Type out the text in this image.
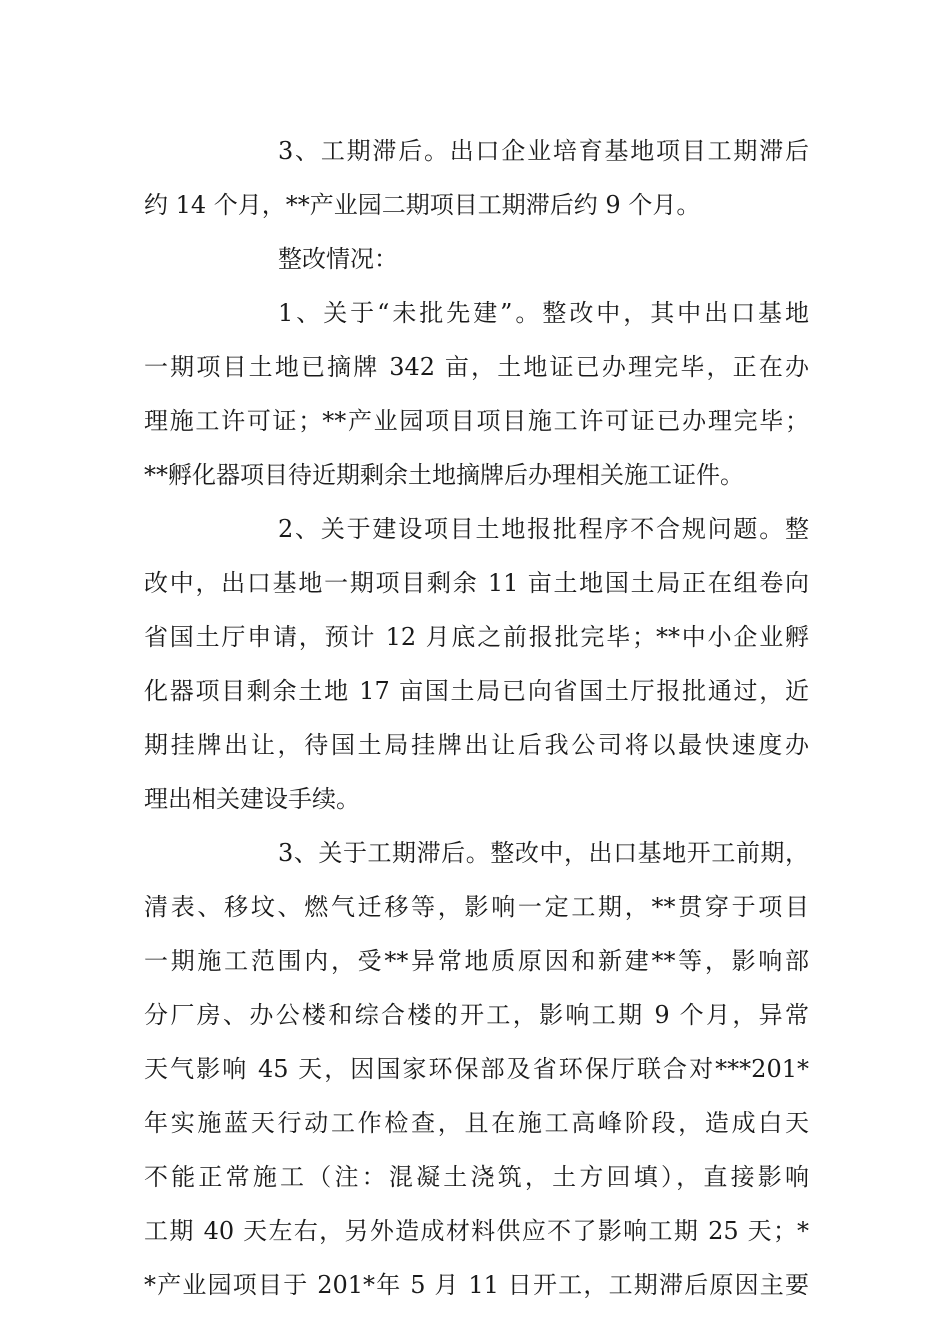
3、工期滞后。出口企业培育基地项目工期滞后
约 14 个月，**产业园二期项目工期滞后约 9 个月。
整改情况：
1、关于“未批先建”。整改中，其中出口基地
一期项目土地已摘牌 342 亩，土地证已办理完毕，正在办
理施工许可证；**产业园项目项目施工许可证已办理完毕；
**孵化器项目待近期剩余土地摘牌后办理相关施工证件。
2、关于建设项目土地报批程序不合规问题。整
改中，出口基地一期项目剩余 11 亩土地国土局正在组卷向
省国土厅申请，预计 12 月底之前报批完毕；**中小企业孵
化器项目剩余土地 17 亩国土局已向省国土厅报批通过，近
期挂牌出让，待国土局挂牌出让后我公司将以最快速度办
理出相关建设手续。
3、关于工期滞后。整改中，出口基地开工前期，
清表、移坟、燃气迁移等，影响一定工期，**贯穿于项目
一期施工范围内，受**异常地质原因和新建**等，影响部
分厂房、办公楼和综合楼的开工，影响工期 9 个月，异常
天气影响 45 天，因国家环保部及省环保厅联合对***201*
年实施蓝天行动工作检查，且在施工高峰阶段，造成白天
不能正常施工（注：混凝土浇筑，土方回填），直接影响
工期 40 天左右，另外造成材料供应不了影响工期 25 天；*
*产业园项目于 201*年 5 月 11 日开工，工期滞后原因主要
